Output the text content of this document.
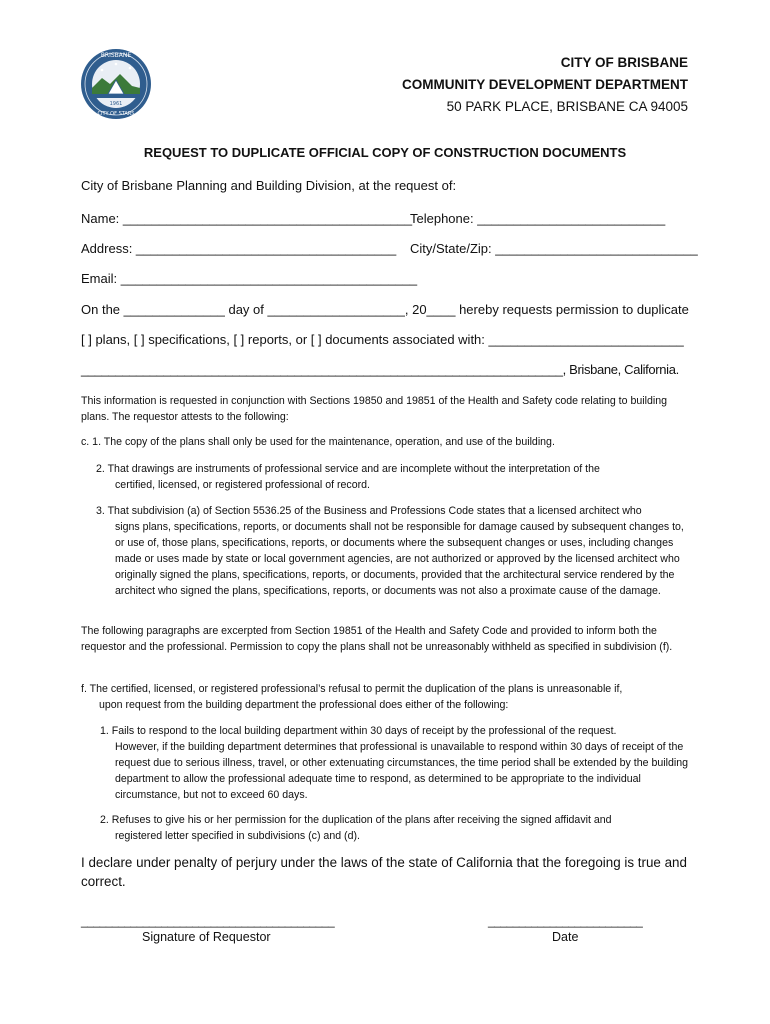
BRISBANE
1961
CITY OF STARS
CITY OF BRISBANE
COMMUNITY DEVELOPMENT DEPARTMENT
50 PARK PLACE, BRISBANE CA 94005
REQUEST TO DUPLICATE OFFICIAL COPY OF CONSTRUCTION DOCUMENTS
City of Brisbane Planning and Building Division, at the request of:
Name: ________________________________________
Telephone: __________________________
Address: ____________________________________ City/State/Zip: ____________________________
Email: _________________________________________
On the ______________ day of ___________________, 20____ hereby requests permission to duplicate
[ ] plans, [ ] specifications, [ ] reports, or [ ] documents associated with: ___________________________
______________________________________________________________________, Brisbane, California.
This information is requested in conjunction with Sections 19850 and 19851 of the Health and Safety code relating to building plans. The requestor attests to the following:
c. 1. The copy of the plans shall only be used for the maintenance, operation, and use of the building.
2. That drawings are instruments of professional service and are incomplete without the interpretation of the
certified, licensed, or registered professional of record.
3. That subdivision (a) of Section 5536.25 of the Business and Professions Code states that a licensed architect who
signs plans, specifications, reports, or documents shall not be responsible for damage caused by subsequent changes to, or use of, those plans, specifications, reports, or documents where the subsequent changes or uses, including changes made or uses made by state or local government agencies, are not authorized or approved by the licensed architect who originally signed the plans, specifications, reports, or documents, provided that the architectural service rendered by the architect who signed the plans, specifications, reports, or documents was not also a proximate cause of the damage.
The following paragraphs are excerpted from Section 19851 of the Health and Safety Code and provided to inform both the requestor and the professional. Permission to copy the plans shall not be unreasonably withheld as specified in subdivision (f).
f. The certified, licensed, or registered professional’s refusal to permit the duplication of the plans is unreasonable if,
upon request from the building department the professional does either of the following:
1. Fails to respond to the local building department within 30 days of receipt by the professional of the request.
However, if the building department determines that professional is unavailable to respond within 30 days of receipt of the request due to serious illness, travel, or other extenuating circumstances, the time period shall be extended by the building department to allow the professional adequate time to respond, as determined to be appropriate to the individual circumstance, but not to exceed 60 days.
2. Refuses to give his or her permission for the duplication of the plans after receiving the signed affidavit and
registered letter specified in subdivisions (c) and (d).
I declare under penalty of perjury under the laws of the state of California that the foregoing is true and correct.
_________________________________________
Signature of Requestor
_________________________
Date
